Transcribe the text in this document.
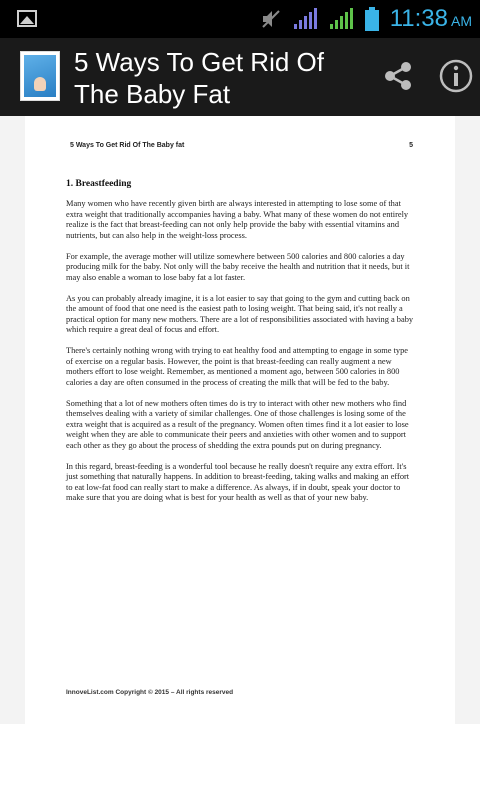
11:38 AM
5 Ways To Get Rid Of The Baby Fat
5 Ways To Get Rid Of The Baby fat	5
1. Breastfeeding

Many women who have recently given birth are always interested in attempting to lose some of that extra weight that traditionally accompanies having a baby. What many of these women do not entirely realize is the fact that breast-feeding can not only help provide the baby with essential vitamins and nutrients, but can also help in the weight-loss process.

For example, the average mother will utilize somewhere between 500 calories and 800 calories a day producing milk for the baby. Not only will the baby receive the health and nutrition that it needs, but it may also enable a woman to lose baby fat a lot faster.

As you can probably already imagine, it is a lot easier to say that going to the gym and cutting back on the amount of food that one need is the easiest path to losing weight. That being said, it's not really a practical option for many new mothers. There are a lot of responsibilities associated with having a baby which require a great deal of focus and effort.

There's certainly nothing wrong with trying to eat healthy food and attempting to engage in some type of exercise on a regular basis. However, the point is that breast-feeding can really augment a new mothers effort to lose weight. Remember, as mentioned a moment ago, between 500 calories in 800 calories a day are often consumed in the process of creating the milk that will be fed to the baby.

Something that a lot of new mothers often times do is try to interact with other new mothers who find themselves dealing with a variety of similar challenges. One of those challenges is losing some of the extra weight that is acquired as a result of the pregnancy. Women often times find it a lot easier to lose weight when they are able to communicate their peers and anxieties with other women and to support each other as they go about the process of shedding the extra pounds put on during pregnancy.

In this regard, breast-feeding is a wonderful tool because he really doesn't require any extra effort. It's just something that naturally happens. In addition to breast-feeding, taking walks and making an effort to eat low-fat food can really start to make a difference. As always, if in doubt, speak your doctor to make sure that you are doing what is best for your health as well as that of your new baby.

InnoveList.com Copyright © 2015 – All rights reserved
